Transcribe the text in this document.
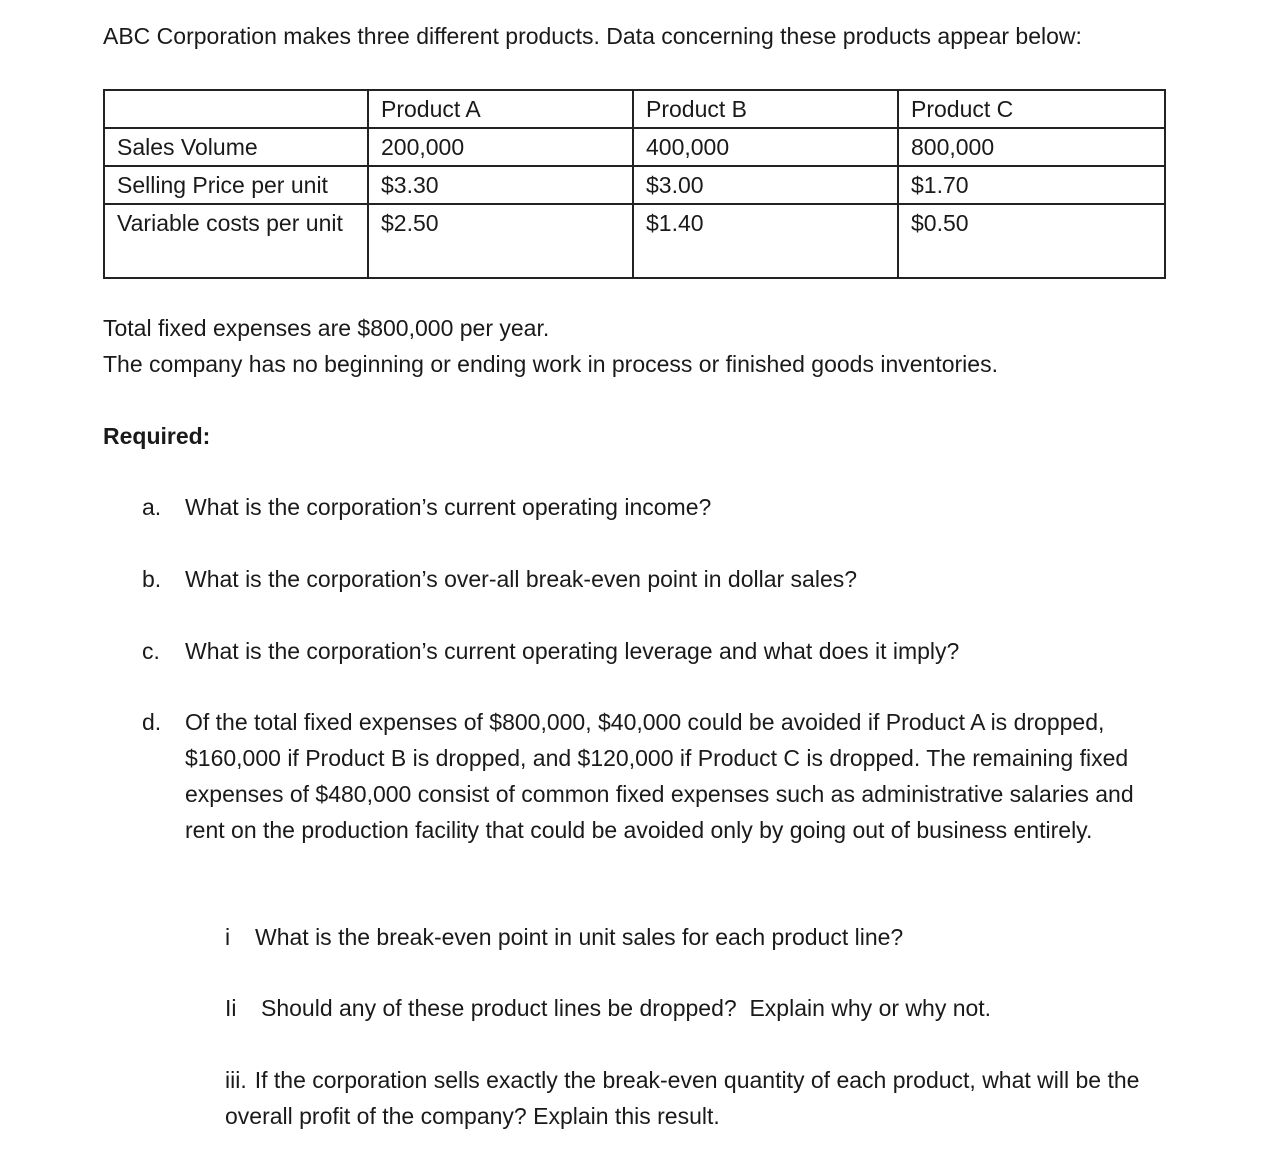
ABC Corporation makes three different products. Data concerning these products appear below:

	Product A	Product B	Product C
Sales Volume	200,000	400,000	800,000
Selling Price per unit	$3.30	$3.00	$1.70
Variable costs per unit	$2.50	$1.40	$0.50

Total fixed expenses are $800,000 per year.
The company has no beginning or ending work in process or finished goods inventories.

Required:

a. What is the corporation’s current operating income?
b. What is the corporation’s over-all break-even point in dollar sales?
c. What is the corporation’s current operating leverage and what does it imply?
d. Of the total fixed expenses of $800,000, $40,000 could be avoided if Product A is dropped, $160,000 if Product B is dropped, and $120,000 if Product C is dropped. The remaining fixed expenses of $480,000 consist of common fixed expenses such as administrative salaries and rent on the production facility that could be avoided only by going out of business entirely.
i What is the break-even point in unit sales for each product line?
Ii Should any of these product lines be dropped?  Explain why or why not.
iii. If the corporation sells exactly the break-even quantity of each product, what will be the overall profit of the company? Explain this result.
